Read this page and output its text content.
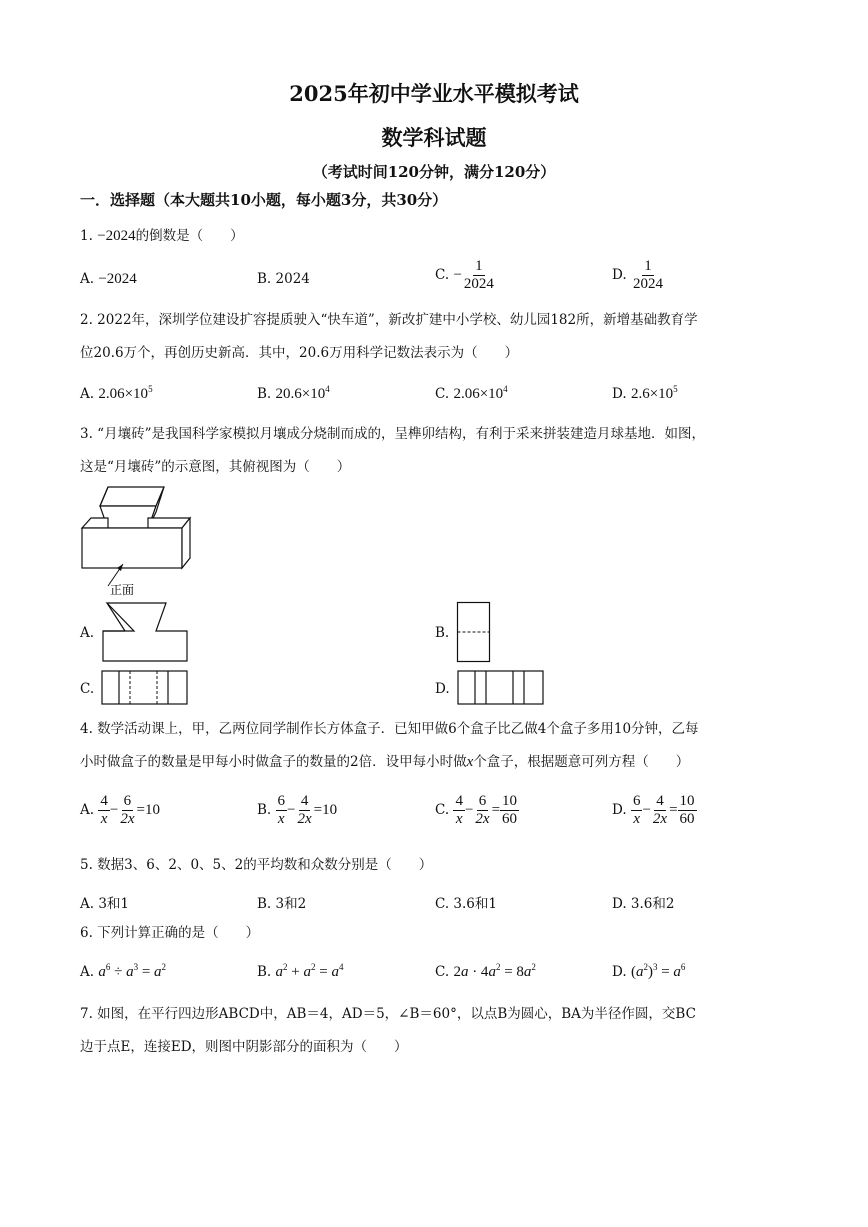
2025年初中学业水平模拟考试
数学科试题
（考试时间120分钟，满分120分）
一．选择题（本大题共10小题，每小题3分，共30分）
1. −2024的倒数是（　　）
A. −2024	B. 2024	C. − $\frac{1}{2024}$	D. $\frac{1}{2024}$
2. 2022年，深圳学位建设扩容提质驶入“快车道”，新改扩建中小学校、幼儿园182所，新增基础教育学
位20.6万个，再创历史新高．其中，20.6万用科学记数法表示为（　　）
A. $2.06\times 10^5$	B. $20.6\times 10^4$	C. $2.06\times 10^4$	D. $2.6\times 10^5$
3. “月壤砖”是我国科学家模拟月壤成分烧制而成的，呈榫卯结构，有利于采来拼装建造月球基地．如图，
这是“月壤砖”的示意图，其俯视图为（　　）
正面
A.	B.
C.	D.
4. 数学活动课上，甲，乙两位同学制作长方体盒子．已知甲做6个盒子比乙做4个盒子多用10分钟，乙每
小时做盒子的数量是甲每小时做盒子的数量的2倍．设甲每小时做x个盒子，根据题意可列方程（　　）
A. $\frac{4}{x} - \frac{6}{2x} =10$	B. $\frac{6}{x} - \frac{4}{2x} =10$	C. $\frac{4}{x} - \frac{6}{2x} = \frac{10}{60}$	D. $\frac{6}{x} - \frac{4}{2x} = \frac{10}{60}$
5. 数据3、6、2、0、5、2的平均数和众数分别是（　　）
A. 3和1	B. 3和2	C. 3.6和1	D. 3.6和2
6. 下列计算正确的是（　　）
A. $a^6 \div a^3 = a^2$	B. $a^2 + a^2 = a^4$	C. $2a \cdot 4a^2 = 8a^2$	D. $(a^2)^3 = a^6$
7. 如图，在平行四边形ABCD中，AB＝4，AD＝5，∠B＝60°，以点B为圆心，BA为半径作圆，交BC
边于点E，连接ED，则图中阴影部分的面积为（　　）
